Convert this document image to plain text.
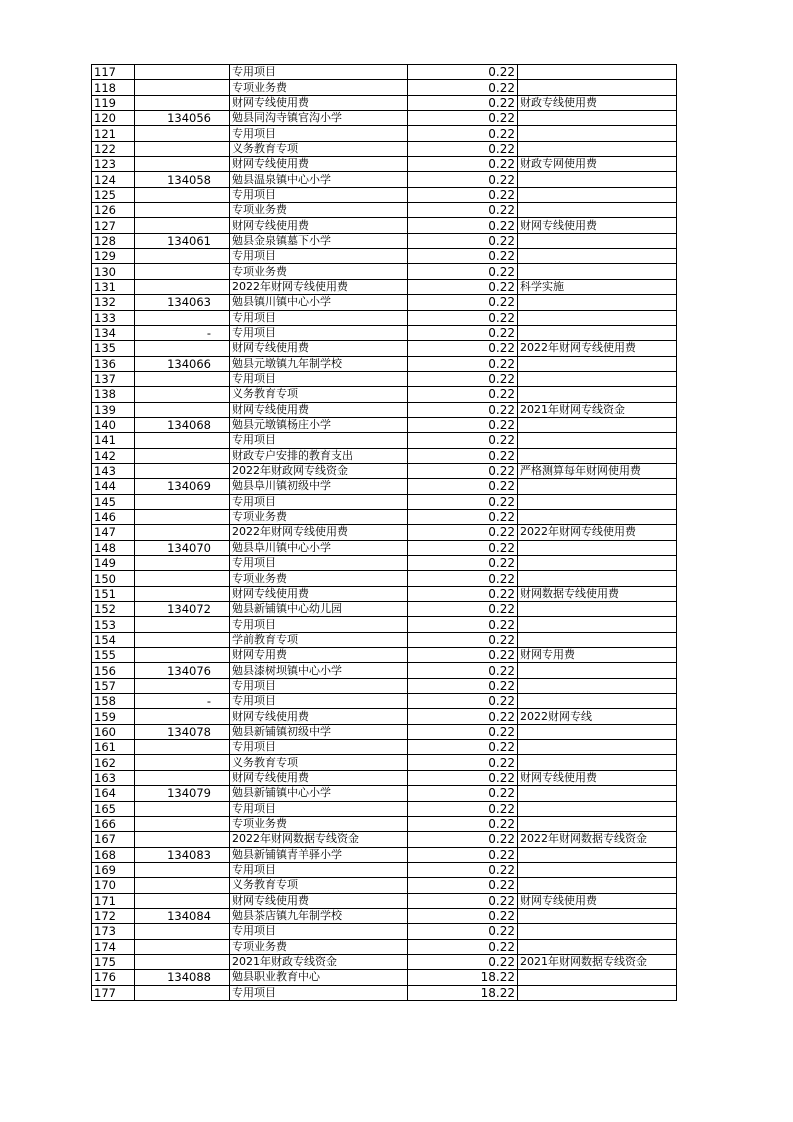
117		专用项目	0.22	
118		专项业务费	0.22	
119		财网专线使用费	0.22	财政专线使用费
120	134056	勉县同沟寺镇官沟小学	0.22	
121		专用项目	0.22	
122		义务教育专项	0.22	
123		财网专线使用费	0.22	财政专网使用费
124	134058	勉县温泉镇中心小学	0.22	
125		专用项目	0.22	
126		专项业务费	0.22	
127		财网专线使用费	0.22	财网专线使用费
128	134061	勉县金泉镇墓下小学	0.22	
129		专用项目	0.22	
130		专项业务费	0.22	
131		2022年财网专线使用费	0.22	科学实施
132	134063	勉县镇川镇中心小学	0.22	
133		专用项目	0.22	
134	-	专用项目	0.22	
135		财网专线使用费	0.22	2022年财网专线使用费
136	134066	勉县元墩镇九年制学校	0.22	
137		专用项目	0.22	
138		义务教育专项	0.22	
139		财网专线使用费	0.22	2021年财网专线资金
140	134068	勉县元墩镇杨庄小学	0.22	
141		专用项目	0.22	
142		财政专户安排的教育支出	0.22	
143		2022年财政网专线资金	0.22	严格测算每年财网使用费
144	134069	勉县阜川镇初级中学	0.22	
145		专用项目	0.22	
146		专项业务费	0.22	
147		2022年财网专线使用费	0.22	2022年财网专线使用费
148	134070	勉县阜川镇中心小学	0.22	
149		专用项目	0.22	
150		专项业务费	0.22	
151		财网专线使用费	0.22	财网数据专线使用费
152	134072	勉县新铺镇中心幼儿园	0.22	
153		专用项目	0.22	
154		学前教育专项	0.22	
155		财网专用费	0.22	财网专用费
156	134076	勉县漆树坝镇中心小学	0.22	
157		专用项目	0.22	
158	-	专用项目	0.22	
159		财网专线使用费	0.22	2022财网专线
160	134078	勉县新铺镇初级中学	0.22	
161		专用项目	0.22	
162		义务教育专项	0.22	
163		财网专线使用费	0.22	财网专线使用费
164	134079	勉县新铺镇中心小学	0.22	
165		专用项目	0.22	
166		专项业务费	0.22	
167		2022年财网数据专线资金	0.22	2022年财网数据专线资金
168	134083	勉县新铺镇青羊驿小学	0.22	
169		专用项目	0.22	
170		义务教育专项	0.22	
171		财网专线使用费	0.22	财网专线使用费
172	134084	勉县茶店镇九年制学校	0.22	
173		专用项目	0.22	
174		专项业务费	0.22	
175		2021年财政专线资金	0.22	2021年财网数据专线资金
176	134088	勉县职业教育中心	18.22	
177		专用项目	18.22	
